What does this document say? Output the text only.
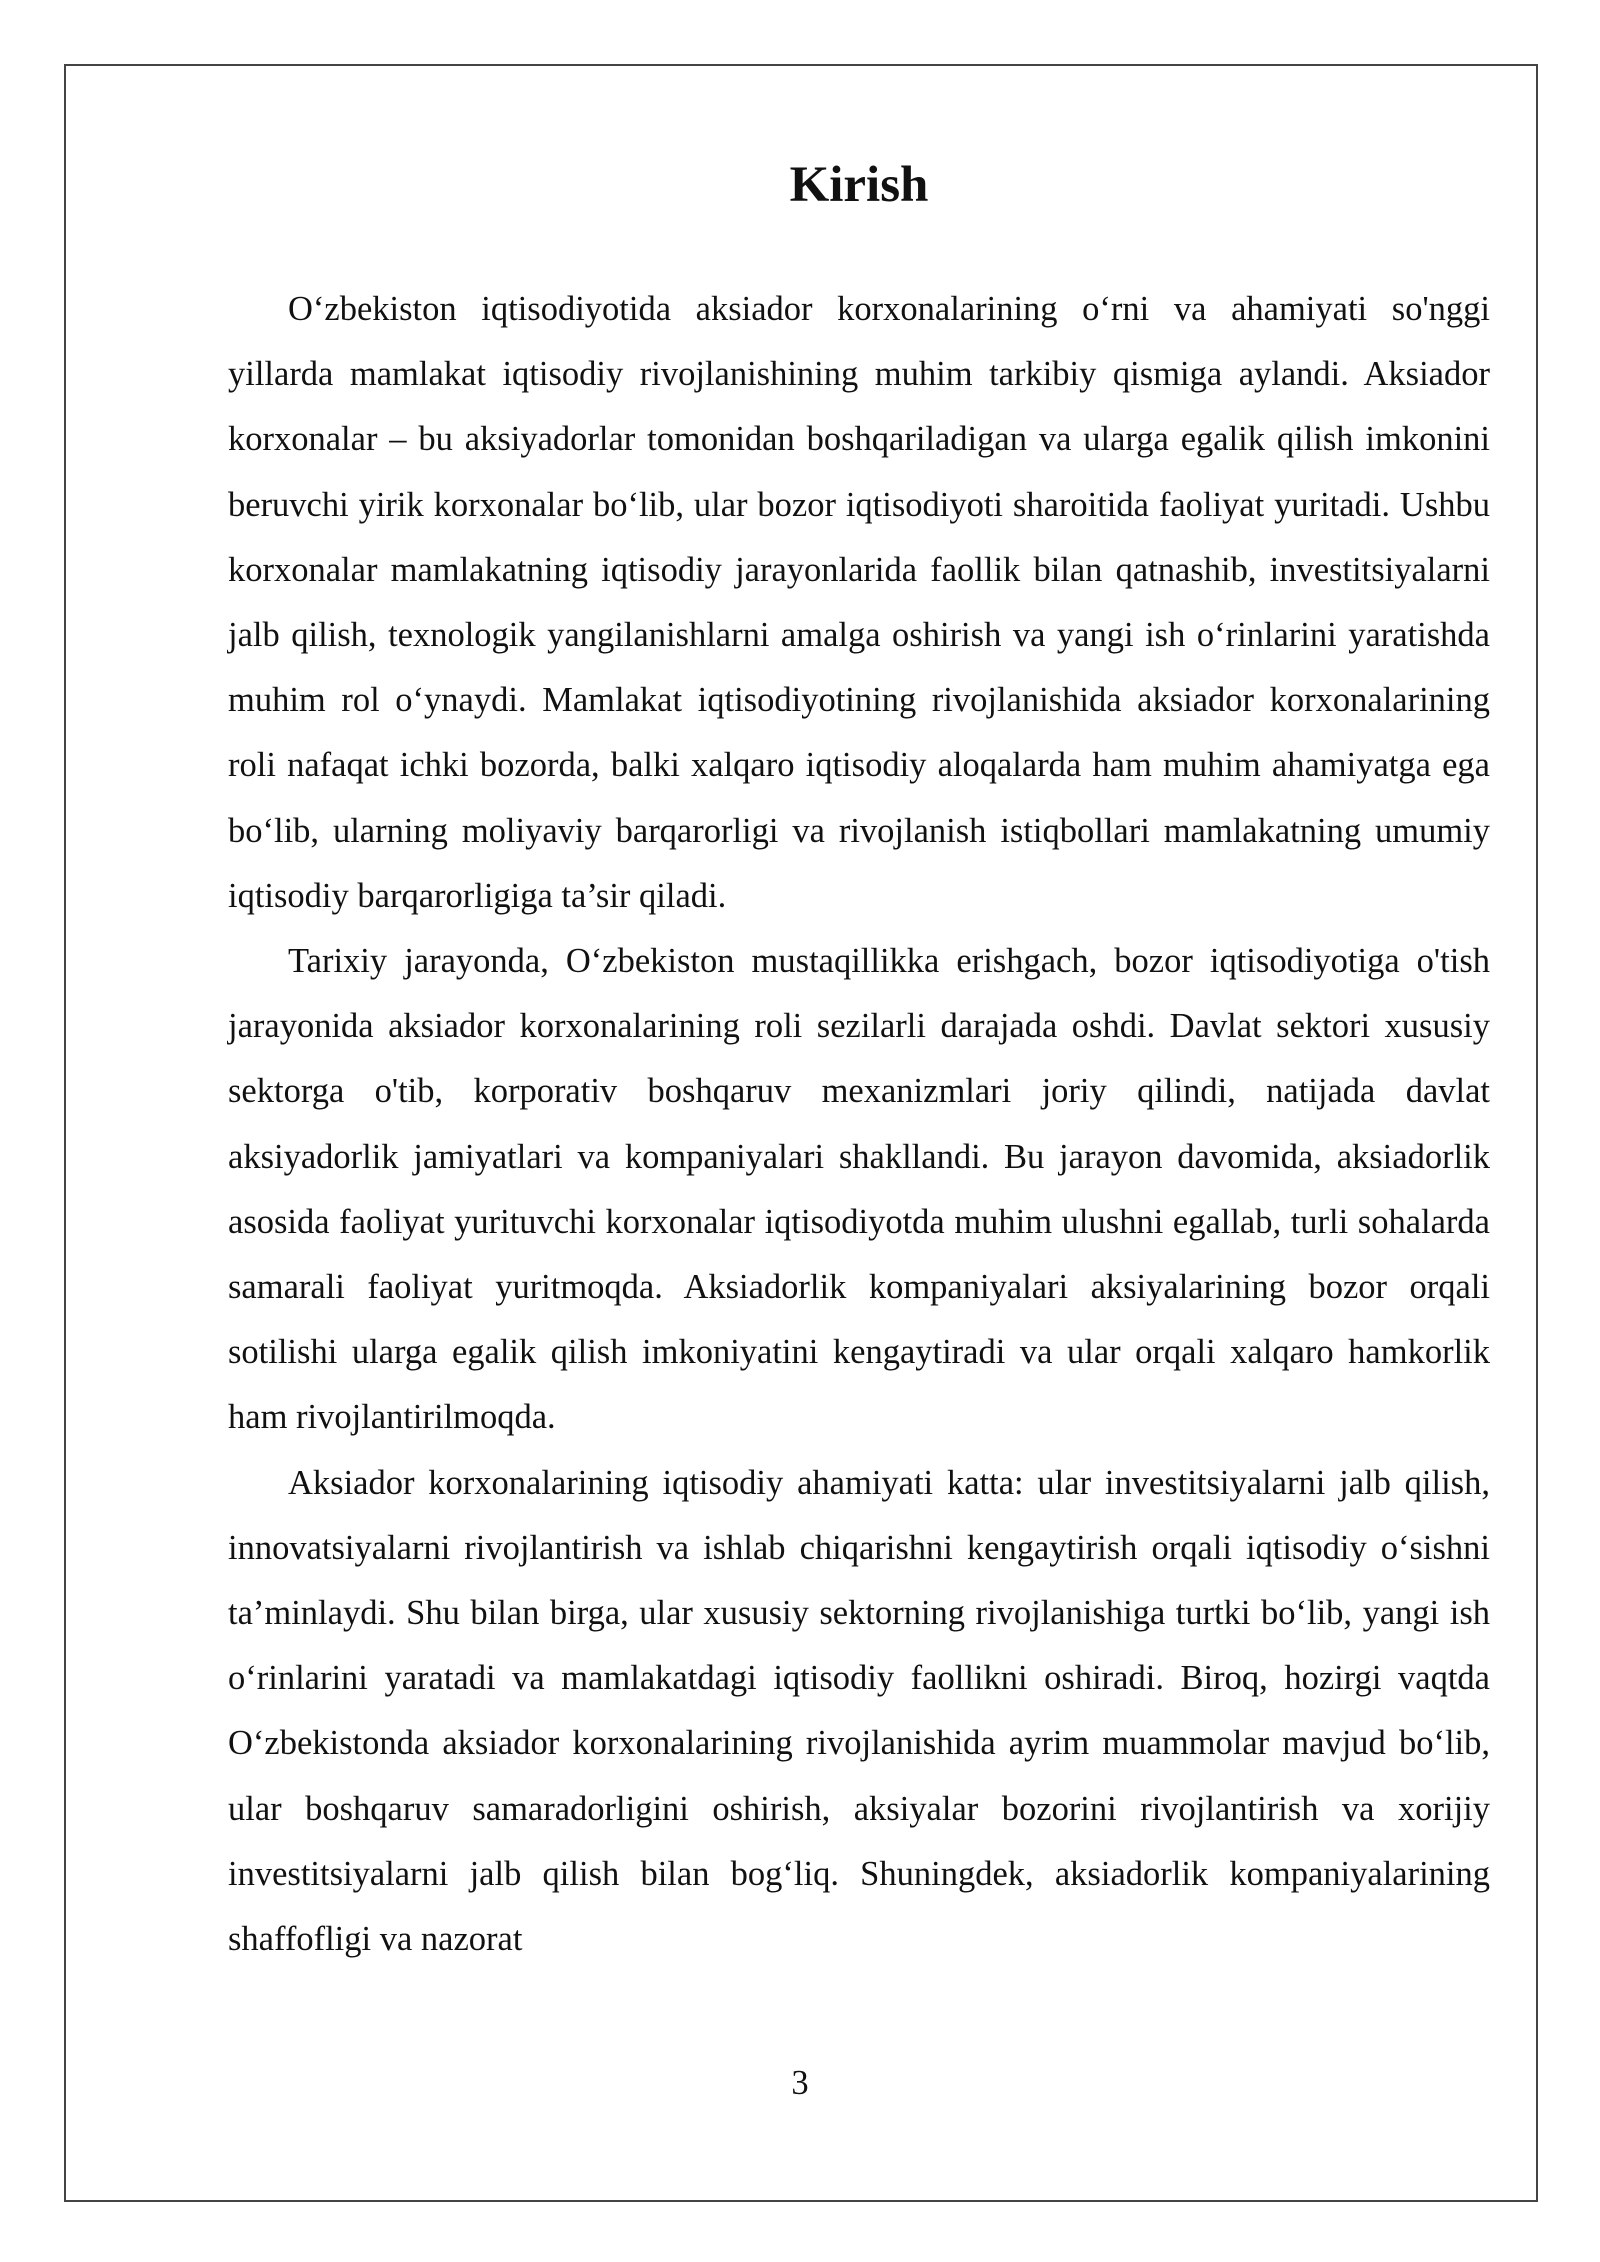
Kirish

O‘zbekiston iqtisodiyotida aksiador korxonalarining o‘rni va ahamiyati so'nggi yillarda mamlakat iqtisodiy rivojlanishining muhim tarkibiy qismiga aylandi. Aksiador korxonalar – bu aksiyadorlar tomonidan boshqariladigan va ularga egalik qilish imkonini beruvchi yirik korxonalar bo‘lib, ular bozor iqtisodiyoti sharoitida faoliyat yuritadi. Ushbu korxonalar mamlakatning iqtisodiy jarayonlarida faollik bilan qatnashib, investitsiyalarni jalb qilish, texnologik yangilanishlarni amalga oshirish va yangi ish o‘rinlarini yaratishda muhim rol o‘ynaydi. Mamlakat iqtisodiyotining rivojlanishida aksiador korxonalarining roli nafaqat ichki bozorda, balki xalqaro iqtisodiy aloqalarda ham muhim ahamiyatga ega bo‘lib, ularning moliyaviy barqarorligi va rivojlanish istiqbollari mamlakatning umumiy iqtisodiy barqarorligiga ta’sir qiladi.

Tarixiy jarayonda, O‘zbekiston mustaqillikka erishgach, bozor iqtisodiyotiga o'tish jarayonida aksiador korxonalarining roli sezilarli darajada oshdi. Davlat sektori xususiy sektorga o'tib, korporativ boshqaruv mexanizmlari joriy qilindi, natijada davlat aksiyadorlik jamiyatlari va kompaniyalari shakllandi. Bu jarayon davomida, aksiadorlik asosida faoliyat yurituvchi korxonalar iqtisodiyotda muhim ulushni egallab, turli sohalarda samarali faoliyat yuritmoqda. Aksiadorlik kompaniyalari aksiyalarining bozor orqali sotilishi ularga egalik qilish imkoniyatini kengaytiradi va ular orqali xalqaro hamkorlik ham rivojlantirilmoqda.

Aksiador korxonalarining iqtisodiy ahamiyati katta: ular investitsiyalarni jalb qilish, innovatsiyalarni rivojlantirish va ishlab chiqarishni kengaytirish orqali iqtisodiy o‘sishni ta’minlaydi. Shu bilan birga, ular xususiy sektorning rivojlanishiga turtki bo‘lib, yangi ish o‘rinlarini yaratadi va mamlakatdagi iqtisodiy faollikni oshiradi. Biroq, hozirgi vaqtda O‘zbekistonda aksiador korxonalarining rivojlanishida ayrim muammolar mavjud bo‘lib, ular boshqaruv samaradorligini oshirish, aksiyalar bozorini rivojlantirish va xorijiy investitsiyalarni jalb qilish bilan bog‘liq. Shuningdek, aksiadorlik kompaniyalarining shaffofligi va nazorat

3
